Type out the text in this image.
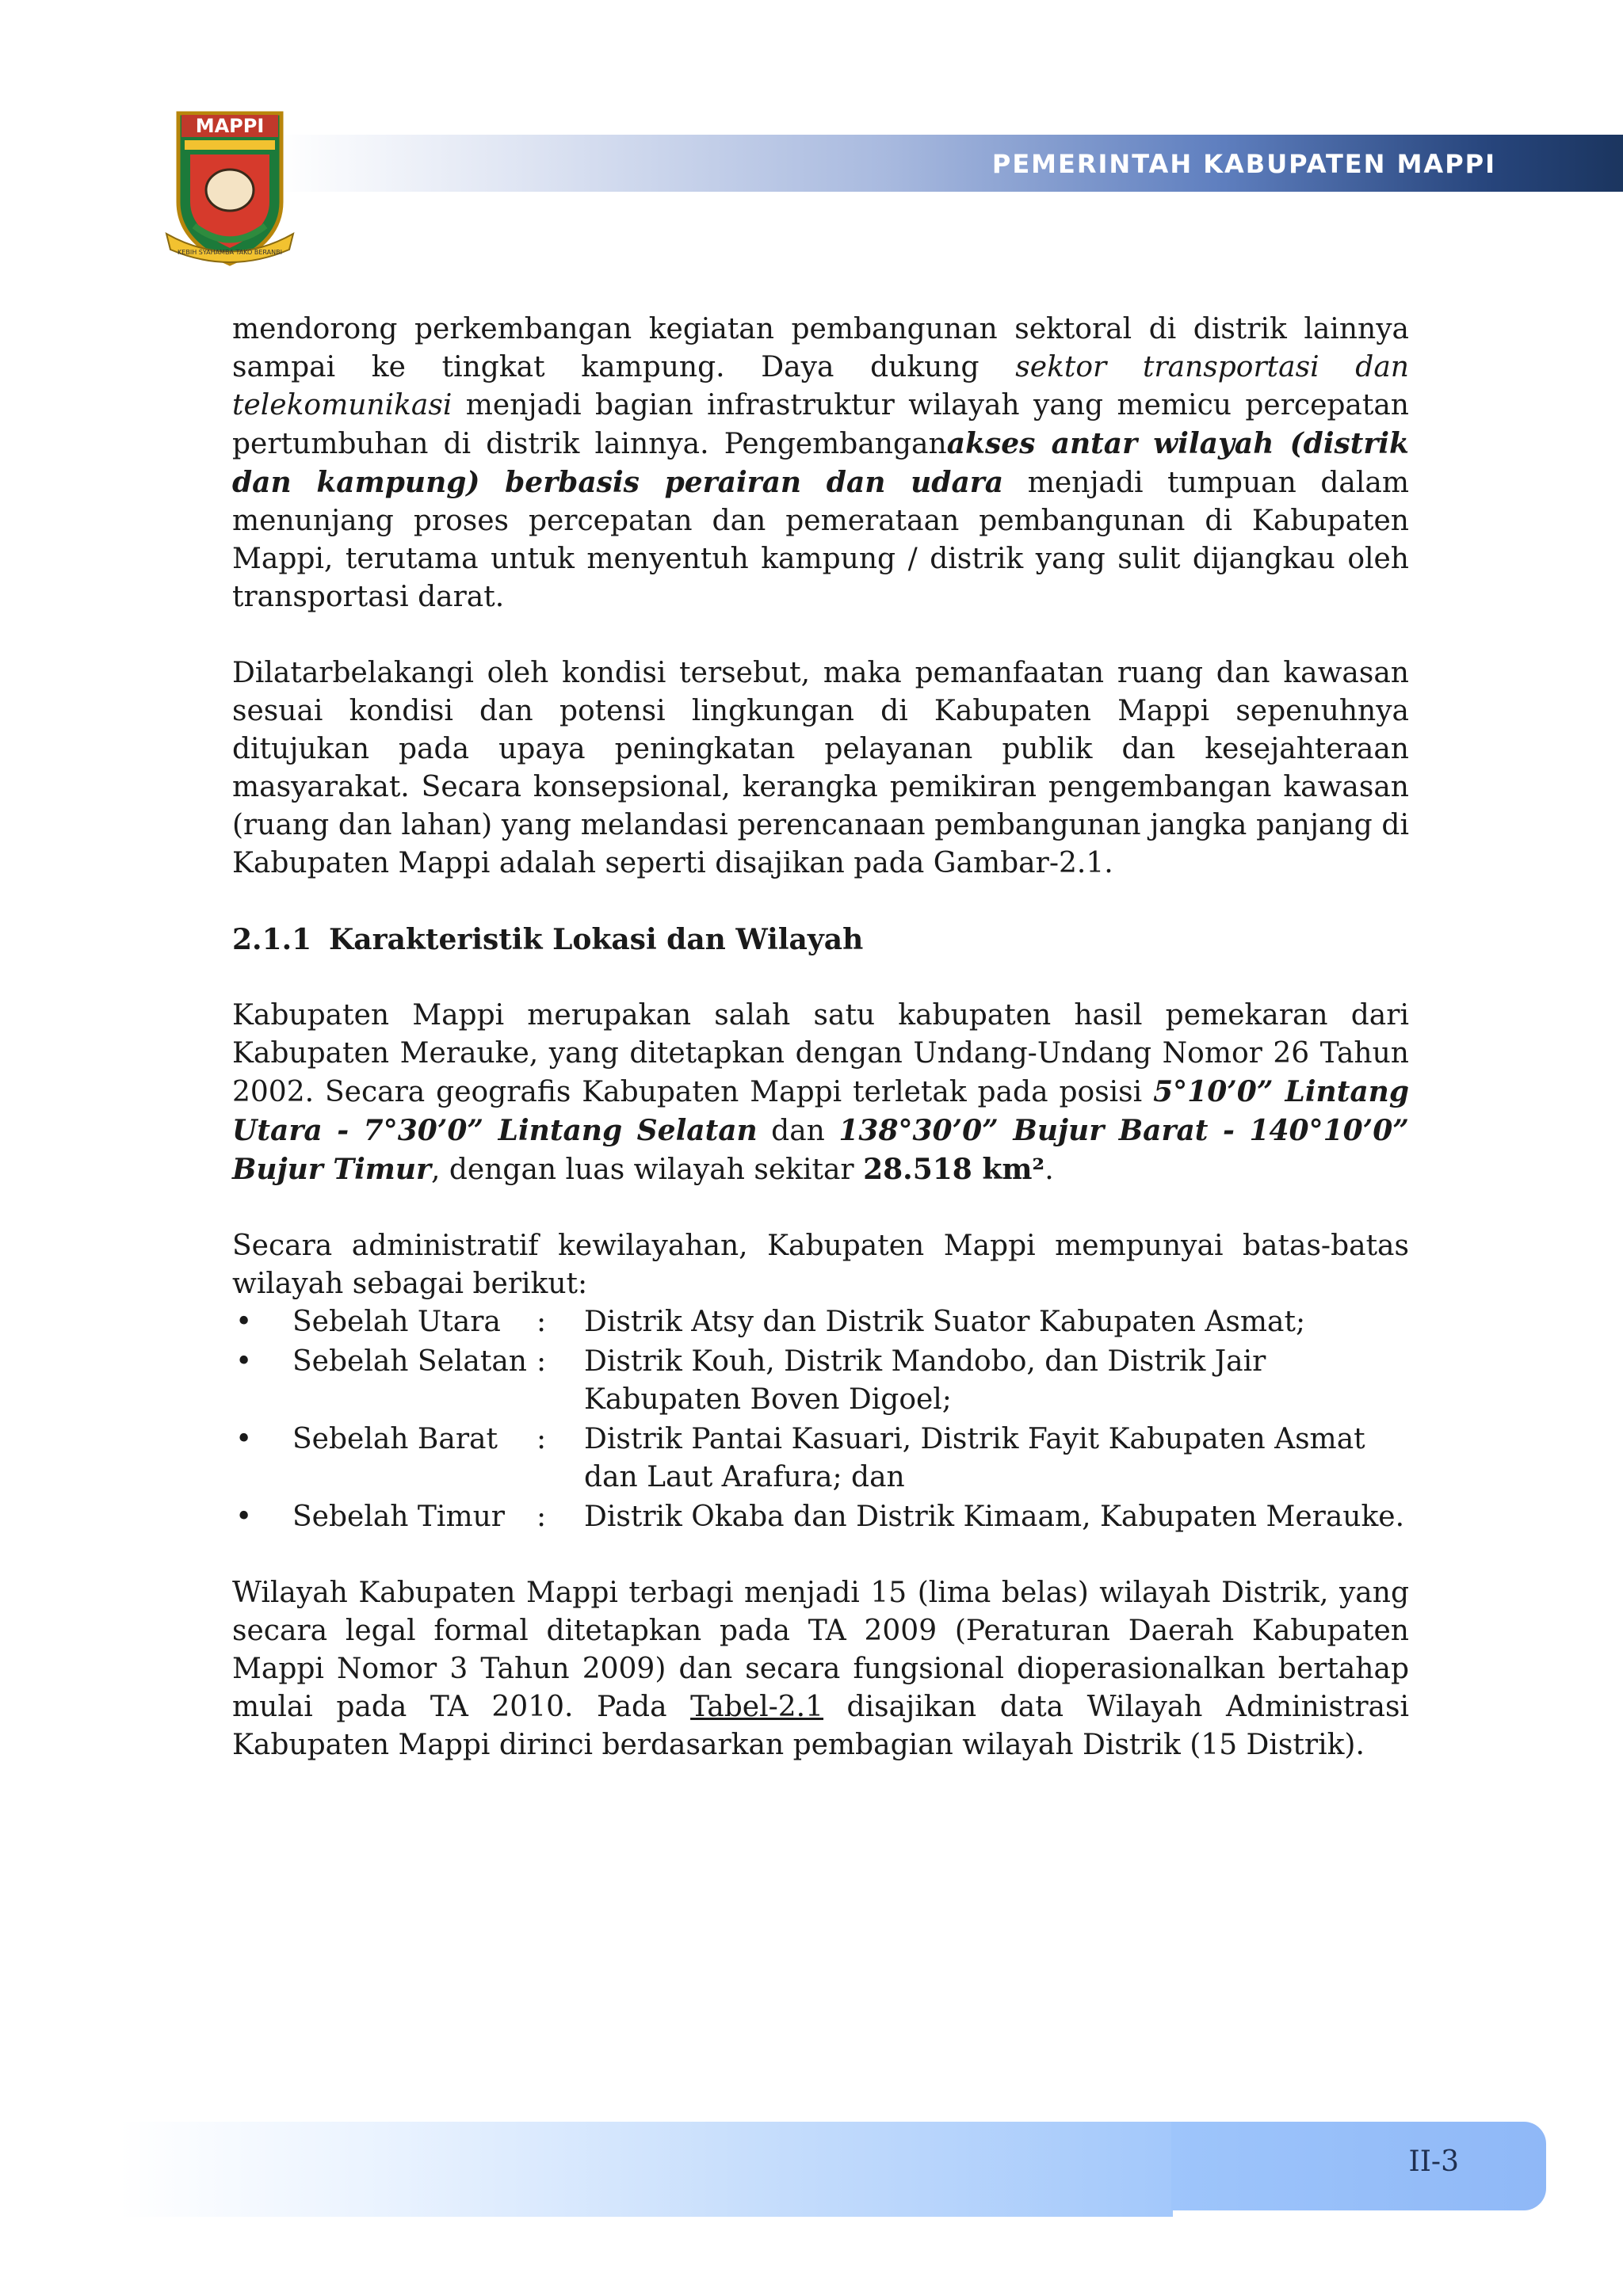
PEMERINTAH KABUPATEN MAPPI
MAPPI
KEBIH SYAHAMBA TAKO BERANBI

mendorong perkembangan kegiatan pembangunan sektoral di distrik lainnya sampai ke tingkat kampung. Daya dukung sektor transportasi dan telekomunikasi menjadi bagian infrastruktur wilayah yang memicu percepatan pertumbuhan di distrik lainnya. Pengembanganakses antar wilayah (distrik dan kampung) berbasis perairan dan udara menjadi tumpuan dalam menunjang proses percepatan dan pemerataan pembangunan di Kabupaten Mappi, terutama untuk menyentuh kampung / distrik yang sulit dijangkau oleh transportasi darat.

Dilatarbelakangi oleh kondisi tersebut, maka pemanfaatan ruang dan kawasan sesuai kondisi dan potensi lingkungan di Kabupaten Mappi sepenuhnya ditujukan pada upaya peningkatan pelayanan publik dan kesejahteraan masyarakat. Secara konsepsional, kerangka pemikiran pengembangan kawasan (ruang dan lahan) yang melandasi perencanaan pembangunan jangka panjang di Kabupaten Mappi adalah seperti disajikan pada Gambar-2.1.

2.1.1 Karakteristik Lokasi dan Wilayah

Kabupaten Mappi merupakan salah satu kabupaten hasil pemekaran dari Kabupaten Merauke, yang ditetapkan dengan Undang-Undang Nomor 26 Tahun 2002. Secara geografis Kabupaten Mappi terletak pada posisi 5°10’0” Lintang Utara - 7°30’0” Lintang Selatan dan 138°30’0” Bujur Barat - 140°10’0” Bujur Timur, dengan luas wilayah sekitar 28.518 km².

Secara administratif kewilayahan, Kabupaten Mappi mempunyai batas-batas wilayah sebagai berikut:

•	Sebelah Utara	:	Distrik Atsy dan Distrik Suator Kabupaten Asmat;
•	Sebelah Selatan :	Distrik Kouh, Distrik Mandobo, dan Distrik Jair Kabupaten Boven Digoel;
•	Sebelah Barat	:	Distrik Pantai Kasuari, Distrik Fayit Kabupaten Asmat dan Laut Arafura; dan
•	Sebelah Timur	:	Distrik Okaba dan Distrik Kimaam, Kabupaten Merauke.

Wilayah Kabupaten Mappi terbagi menjadi 15 (lima belas) wilayah Distrik, yang secara legal formal ditetapkan pada TA 2009 (Peraturan Daerah Kabupaten Mappi Nomor 3 Tahun 2009) dan secara fungsional dioperasionalkan bertahap mulai pada TA 2010. Pada Tabel-2.1 disajikan data Wilayah Administrasi Kabupaten Mappi dirinci berdasarkan pembagian wilayah Distrik (15 Distrik).

II-3
